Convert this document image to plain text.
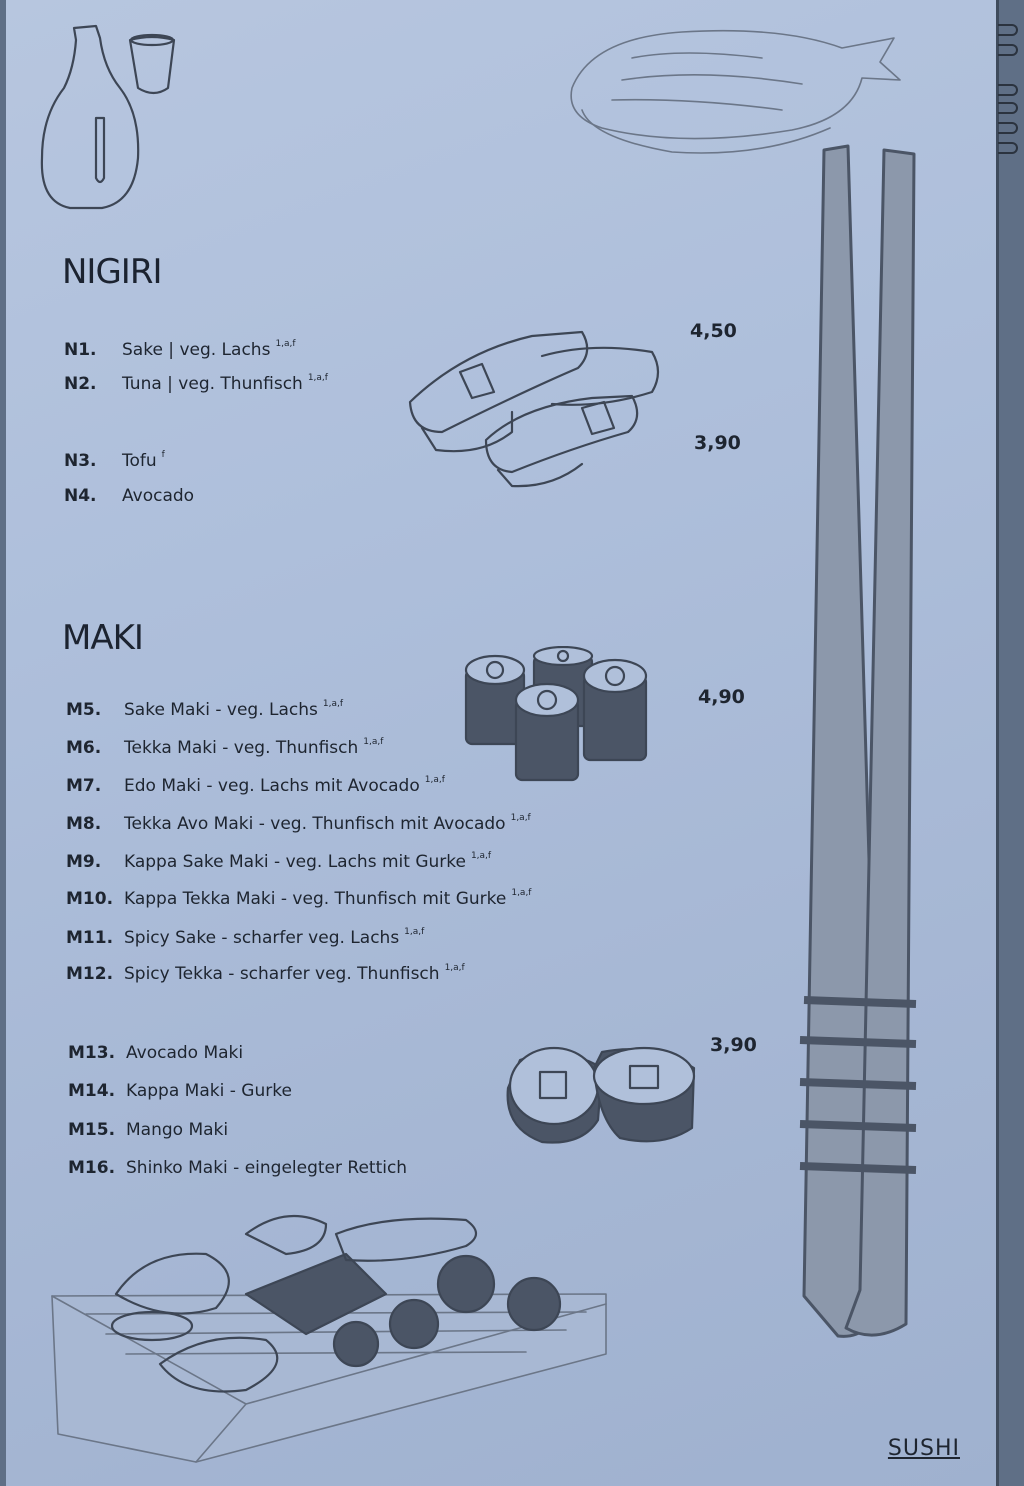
NIGIRI
N1.	Sake | veg. Lachs 1,a,f
N2.	Tuna | veg. Thunfisch 1,a,f
N3.	Tofu f
N4.	Avocado
4,50
3,90
MAKI
M5.	Sake Maki - veg. Lachs 1,a,f
M6.	Tekka Maki - veg. Thunfisch 1,a,f
M7.	Edo Maki - veg. Lachs mit Avocado 1,a,f
M8.	Tekka Avo Maki - veg. Thunfisch mit Avocado 1,a,f
M9.	Kappa Sake Maki - veg. Lachs mit Gurke 1,a,f
M10. Kappa Tekka Maki - veg. Thunfisch mit Gurke 1,a,f
M11. Spicy Sake - scharfer veg. Lachs 1,a,f
M12. Spicy Tekka - scharfer veg. Thunfisch 1,a,f
M13. Avocado Maki
M14. Kappa Maki - Gurke
M15. Mango Maki
M16. Shinko Maki - eingelegter Rettich
4,90
3,90
SUSHI
